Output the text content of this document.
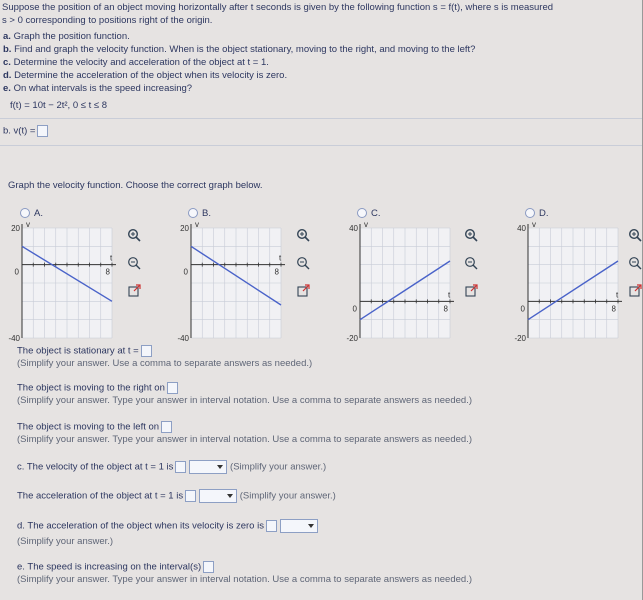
Suppose the position of an object moving horizontally after t seconds is given by the following function s = f(t), where s is measured
s > 0 corresponding to positions right of the origin.
a. Graph the position function.
b. Find and graph the velocity function. When is the object stationary, moving to the right, and moving to the left?
c. Determine the velocity and acceleration of the object at t = 1.
d. Determine the acceleration of the object when its velocity is zero.
e. On what intervals is the speed increasing?
f(t) = 10t − 2t², 0 ≤ t ≤ 8
b. v(t) =
Graph the velocity function. Choose the correct graph below.
A.	B.	C.	D.
20
-40
8
0
v
t
20
-40
8
0
v
t
40
-20
8
0
v
t
40
-20
8
0
v
t
The object is stationary at t =
(Simplify your answer. Use a comma to separate answers as needed.)
The object is moving to the right on
(Simplify your answer. Type your answer in interval notation. Use a comma to separate answers as needed.)
The object is moving to the left on
(Simplify your answer. Type your answer in interval notation. Use a comma to separate answers as needed.)
c. The velocity of the object at t = 1 is	(Simplify your answer.)
The acceleration of the object at t = 1 is	(Simplify your answer.)
d. The acceleration of the object when its velocity is zero is
(Simplify your answer.)
e. The speed is increasing on the interval(s)
(Simplify your answer. Type your answer in interval notation. Use a comma to separate answers as needed.)
